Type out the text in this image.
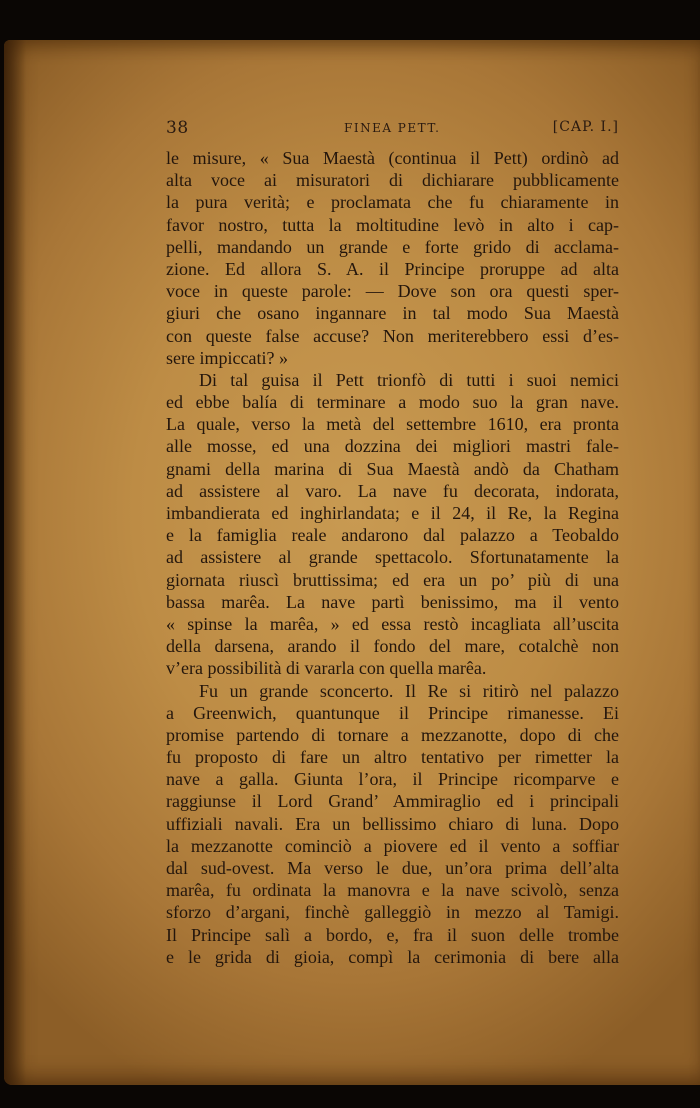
38	FINEA PETT.	[CAP. I.]
le misure, « Sua Maestà (continua il Pett) ordinò ad
alta voce ai misuratori di dichiarare pubblicamente
la pura verità; e proclamata che fu chiaramente in
favor nostro, tutta la moltitudine levò in alto i cap-
pelli, mandando un grande e forte grido di acclama-
zione. Ed allora S. A. il Principe proruppe ad alta
voce in queste parole: — Dove son ora questi sper-
giuri che osano ingannare in tal modo Sua Maestà
con queste false accuse? Non meriterebbero essi d’es-
sere impiccati? »
Di tal guisa il Pett trionfò di tutti i suoi nemici
ed ebbe balía di terminare a modo suo la gran nave.
La quale, verso la metà del settembre 1610, era pronta
alle mosse, ed una dozzina dei migliori mastri fale-
gnami della marina di Sua Maestà andò da Chatham
ad assistere al varo. La nave fu decorata, indorata,
imbandierata ed inghirlandata; e il 24, il Re, la Regina
e la famiglia reale andarono dal palazzo a Teobaldo
ad assistere al grande spettacolo. Sfortunatamente la
giornata riuscì bruttissima; ed era un po’ più di una
bassa marêa. La nave partì benissimo, ma il vento
« spinse la marêa, » ed essa restò incagliata all’uscita
della darsena, arando il fondo del mare, cotalchè non
v’era possibilità di vararla con quella marêa.
Fu un grande sconcerto. Il Re si ritirò nel palazzo
a Greenwich, quantunque il Principe rimanesse. Ei
promise partendo di tornare a mezzanotte, dopo di che
fu proposto di fare un altro tentativo per rimetter la
nave a galla. Giunta l’ora, il Principe ricomparve e
raggiunse il Lord Grand’ Ammiraglio ed i principali
uffiziali navali. Era un bellissimo chiaro di luna. Dopo
la mezzanotte cominciò a piovere ed il vento a soffiar
dal sud-ovest. Ma verso le due, un’ora prima dell’alta
marêa, fu ordinata la manovra e la nave scivolò, senza
sforzo d’argani, finchè galleggiò in mezzo al Tamigi.
Il Principe salì a bordo, e, fra il suon delle trombe
e le grida di gioia, compì la cerimonia di bere alla
